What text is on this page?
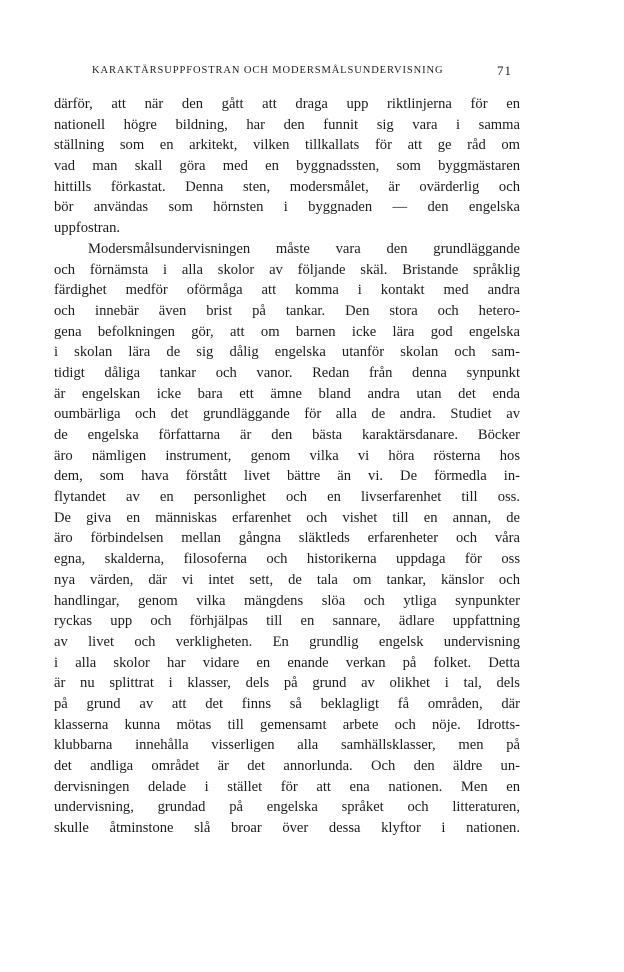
KARAKTÄRSUPPFOSTRAN OCH MODERSMÅLSUNDERVISNING	71
därför, att när den gått att draga upp riktlinjerna för en
nationell högre bildning, har den funnit sig vara i samma
ställning som en arkitekt, vilken tillkallats för att ge råd om
vad man skall göra med en byggnadssten, som byggmästaren
hittills förkastat. Denna sten, modersmålet, är ovärderlig och
bör användas som hörnsten i byggnaden — den engelska
uppfostran.
Modersmålsundervisningen måste vara den grundläggande
och förnämsta i alla skolor av följande skäl. Bristande språklig
färdighet medför oförmåga att komma i kontakt med andra
och innebär även brist på tankar. Den stora och hetero-
gena befolkningen gör, att om barnen icke lära god engelska
i skolan lära de sig dålig engelska utanför skolan och sam-
tidigt dåliga tankar och vanor. Redan från denna synpunkt
är engelskan icke bara ett ämne bland andra utan det enda
oumbärliga och det grundläggande för alla de andra. Studiet av
de engelska författarna är den bästa karaktärsdanare. Böcker
äro nämligen instrument, genom vilka vi höra rösterna hos
dem, som hava förstått livet bättre än vi. De förmedla in-
flytandet av en personlighet och en livserfarenhet till oss.
De giva en människas erfarenhet och vishet till en annan, de
äro förbindelsen mellan gångna släktleds erfarenheter och våra
egna, skalderna, filosoferna och historikerna uppdaga för oss
nya värden, där vi intet sett, de tala om tankar, känslor och
handlingar, genom vilka mängdens slöa och ytliga synpunkter
ryckas upp och förhjälpas till en sannare, ädlare uppfattning
av livet och verkligheten. En grundlig engelsk undervisning
i alla skolor har vidare en enande verkan på folket. Detta
är nu splittrat i klasser, dels på grund av olikhet i tal, dels
på grund av att det finns så beklagligt få områden, där
klasserna kunna mötas till gemensamt arbete och nöje. Idrotts-
klubbarna innehålla visserligen alla samhällsklasser, men på
det andliga området är det annorlunda. Och den äldre un-
dervisningen delade i stället för att ena nationen. Men en
undervisning, grundad på engelska språket och litteraturen,
skulle åtminstone slå broar över dessa klyftor i nationen.
